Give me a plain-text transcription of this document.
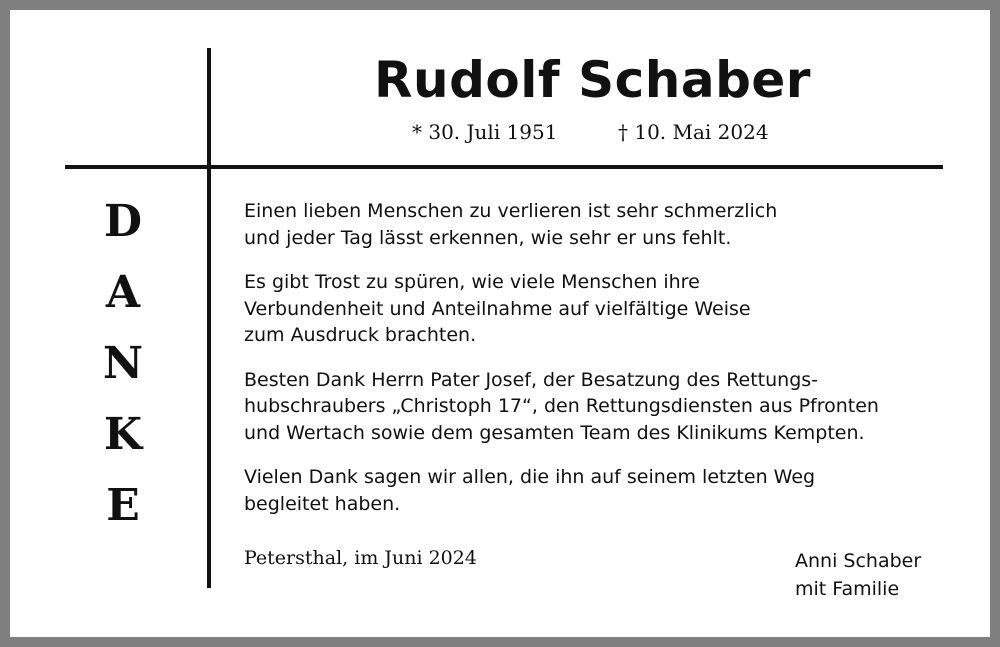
Rudolf Schaber
* 30. Juli 1951	† 10. Mai 2024
D
A
N
K
E

Einen lieben Menschen zu verlieren ist sehr schmerzlich
und jeder Tag lässt erkennen, wie sehr er uns fehlt.

Es gibt Trost zu spüren, wie viele Menschen ihre
Verbundenheit und Anteilnahme auf vielfältige Weise
zum Ausdruck brachten.

Besten Dank Herrn Pater Josef, der Besatzung des Rettungs-
hubschraubers „Christoph 17“, den Rettungsdiensten aus Pfronten
und Wertach sowie dem gesamten Team des Klinikums Kempten.

Vielen Dank sagen wir allen, die ihn auf seinem letzten Weg
begleitet haben.

Petersthal, im Juni 2024	Anni Schaber
mit Familie
